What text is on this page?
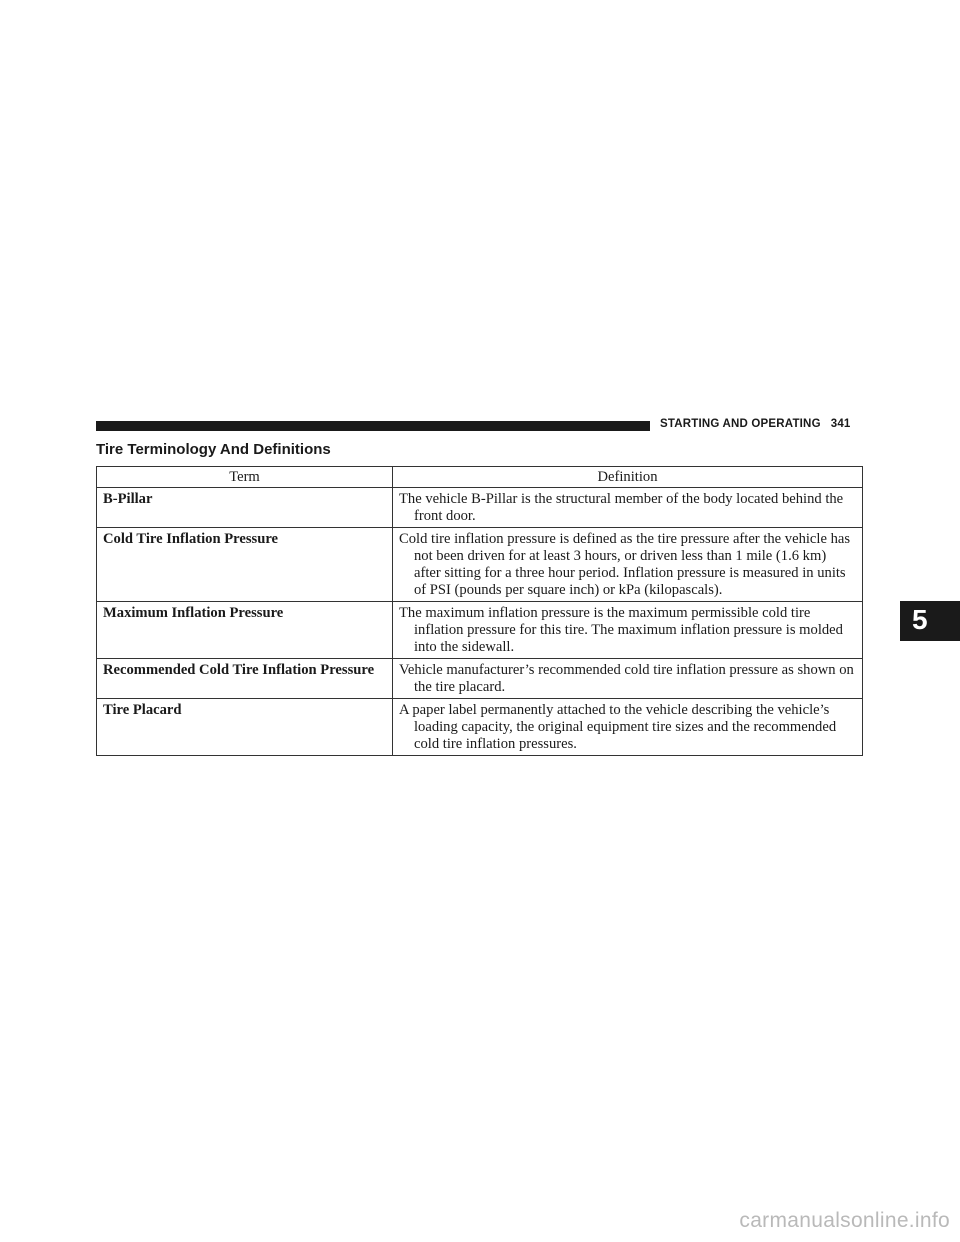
STARTING AND OPERATING 341
Tire Terminology And Definitions
Term	Definition
B-Pillar	The vehicle B-Pillar is the structural member of the body located behind the front door.
Cold Tire Inflation Pressure	Cold tire inflation pressure is defined as the tire pressure after the vehicle has not been driven for at least 3 hours, or driven less than 1 mile (1.6 km) after sitting for a three hour period. Inflation pressure is measured in units of PSI (pounds per square inch) or kPa (kilopascals).
Maximum Inflation Pressure	The maximum inflation pressure is the maximum permissible cold tire inflation pressure for this tire. The maximum inflation pressure is molded into the sidewall.
Recommended Cold Tire Inflation Pressure	Vehicle manufacturer’s recommended cold tire inflation pressure as shown on the tire placard.
Tire Placard	A paper label permanently attached to the vehicle describing the vehicle’s loading capacity, the original equipment tire sizes and the recommended cold tire inflation pressures.
5
carmanualsonline.info
